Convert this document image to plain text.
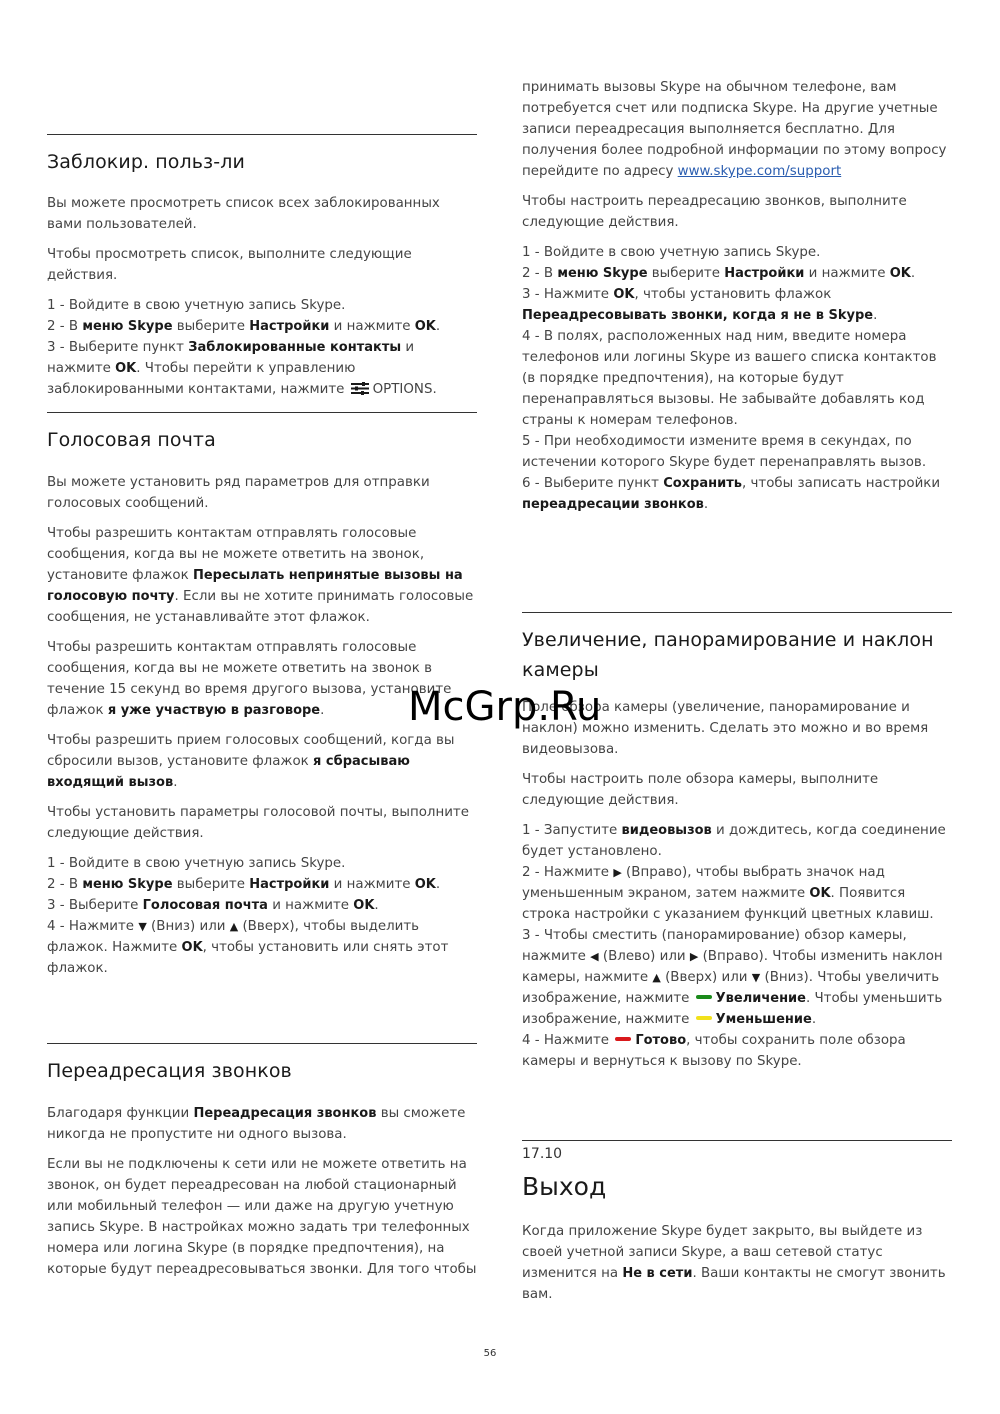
Заблокир. польз-ли

Вы можете просмотреть список всех заблокированных вами пользователей.

Чтобы просмотреть список, выполните следующие действия.

1 - Войдите в свою учетную запись Skype.

2 - В меню Skype выберите Настройки и нажмите OK.

3 - Выберите пункт Заблокированные контакты и нажмите OK. Чтобы перейти к управлению заблокированными контактами, нажмите OPTIONS.

Голосовая почта

Вы можете установить ряд параметров для отправки голосовых сообщений.

Чтобы разрешить контактам отправлять голосовые сообщения, когда вы не можете ответить на звонок, установите флажок Пересылать непринятые вызовы на голосовую почту. Если вы не хотите принимать голосовые сообщения, не устанавливайте этот флажок.

Чтобы разрешить контактам отправлять голосовые сообщения, когда вы не можете ответить на звонок в течение 15 секунд во время другого вызова, установите флажок я уже участвую в разговоре.

Чтобы разрешить прием голосовых сообщений, когда вы сбросили вызов, установите флажок я сбрасываю входящий вызов.

Чтобы установить параметры голосовой почты, выполните следующие действия.

1 - Войдите в свою учетную запись Skype.

2 - В меню Skype выберите Настройки и нажмите OK.

3 - Выберите Голосовая почта и нажмите OK.

4 - Нажмите ▼ (Вниз) или ▲ (Вверх), чтобы выделить флажок. Нажмите OK, чтобы установить или снять этот флажок.

Переадресация звонков

Благодаря функции Переадресация звонков вы сможете никогда не пропустите ни одного вызова.

Если вы не подключены к сети или не можете ответить на звонок, он будет переадресован на любой стационарный или мобильный телефон — или даже на другую учетную запись Skype. В настройках можно задать три телефонных номера или логина Skype (в порядке предпочтения), на которые будут переадресовываться звонки. Для того чтобы

принимать вызовы Skype на обычном телефоне, вам потребуется счет или подписка Skype. На другие учетные записи переадресация выполняется бесплатно. Для получения более подробной информации по этому вопросу перейдите по адресу www.skype.com/support

Чтобы настроить переадресацию звонков, выполните следующие действия.

1 - Войдите в свою учетную запись Skype.

2 - В меню Skype выберите Настройки и нажмите OK.

3 - Нажмите OK, чтобы установить флажок Переадресовывать звонки, когда я не в Skype.

4 - В полях, расположенных над ним, введите номера телефонов или логины Skype из вашего списка контактов (в порядке предпочтения), на которые будут перенаправляться вызовы. Не забывайте добавлять код страны к номерам телефонов.

5 - При необходимости измените время в секундах, по истечении которого Skype будет перенаправлять вызов.

6 - Выберите пункт Сохранить, чтобы записать настройки переадресации звонков.

Увеличение, панорамирование и наклон камеры

Поле обзора камеры (увеличение, панорамирование и наклон) можно изменить. Сделать это можно и во время видеовызова.

Чтобы настроить поле обзора камеры, выполните следующие действия.

1 - Запустите видеовызов и дождитесь, когда соединение будет установлено.

2 - Нажмите ▶ (Вправо), чтобы выбрать значок над уменьшенным экраном, затем нажмите OK. Появится строка настройки с указанием функций цветных клавиш.

3 - Чтобы сместить (панорамирование) обзор камеры, нажмите ◀ (Влево) или ▶ (Вправо). Чтобы изменить наклон камеры, нажмите ▲ (Вверх) или ▼ (Вниз). Чтобы увеличить изображение, нажмите Увеличение. Чтобы уменьшить изображение, нажмите Уменьшение.

4 - Нажмите Готово, чтобы сохранить поле обзора камеры и вернуться к вызову по Skype.

17.10
Выход

Когда приложение Skype будет закрыто, вы выйдете из своей учетной записи Skype, а ваш сетевой статус изменится на Не в сети. Ваши контакты не смогут звонить вам.

McGrp.Ru
56
